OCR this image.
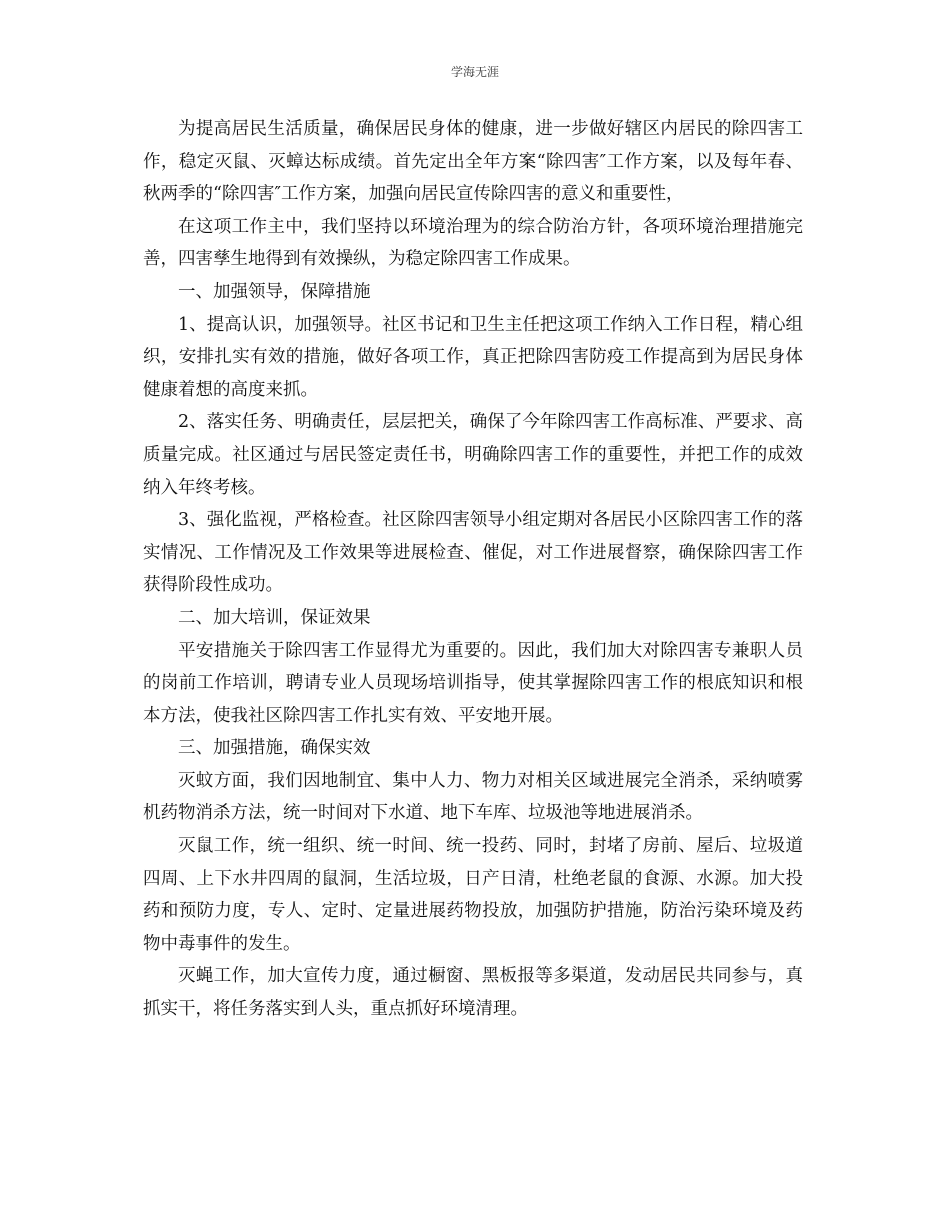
学海无涯

为提高居民生活质量，确保居民身体的健康，进一步做好辖区内居民的除四害工作，稳定灭鼠、灭蟑达标成绩。首先定出全年方案“除四害″工作方案，以及每年春、秋两季的“除四害″工作方案，加强向居民宣传除四害的意义和重要性，

在这项工作主中，我们坚持以环境治理为的综合防治方针，各项环境治理措施完善，四害孳生地得到有效操纵，为稳定除四害工作成果。

一、加强领导，保障措施

1、提高认识，加强领导。社区书记和卫生主任把这项工作纳入工作日程，精心组织，安排扎实有效的措施，做好各项工作，真正把除四害防疫工作提高到为居民身体健康着想的高度来抓。

2、落实任务、明确责任，层层把关，确保了今年除四害工作高标准、严要求、高质量完成。社区通过与居民签定责任书，明确除四害工作的重要性，并把工作的成效纳入年终考核。

3、强化监视，严格检查。社区除四害领导小组定期对各居民小区除四害工作的落实情况、工作情况及工作效果等进展检查、催促，对工作进展督察，确保除四害工作获得阶段性成功。

二、加大培训，保证效果

平安措施关于除四害工作显得尤为重要的。因此，我们加大对除四害专兼职人员的岗前工作培训，聘请专业人员现场培训指导，使其掌握除四害工作的根底知识和根本方法，使我社区除四害工作扎实有效、平安地开展。

三、加强措施，确保实效

灭蚊方面，我们因地制宜、集中人力、物力对相关区域进展完全消杀，采纳喷雾机药物消杀方法，统一时间对下水道、地下车库、垃圾池等地进展消杀。

灭鼠工作，统一组织、统一时间、统一投药、同时，封堵了房前、屋后、垃圾道四周、上下水井四周的鼠洞，生活垃圾，日产日清，杜绝老鼠的食源、水源。加大投药和预防力度，专人、定时、定量进展药物投放，加强防护措施，防治污染环境及药物中毒事件的发生。

灭蝇工作，加大宣传力度，通过橱窗、黑板报等多渠道，发动居民共同参与，真抓实干，将任务落实到人头，重点抓好环境清理。
